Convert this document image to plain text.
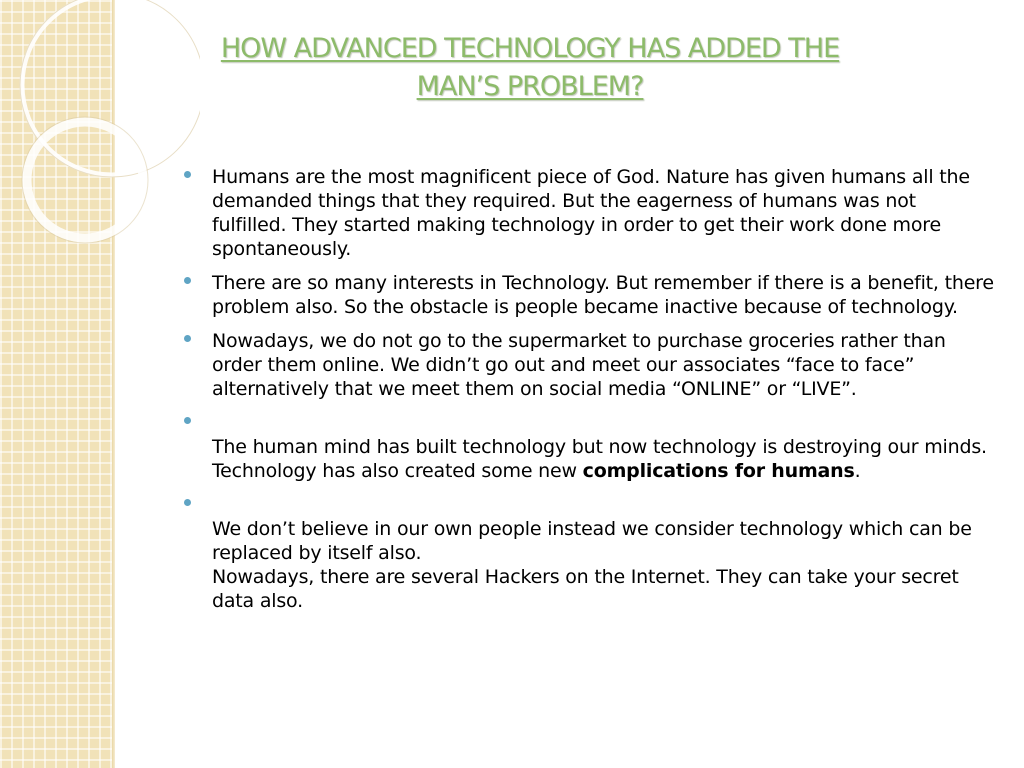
HOW ADVANCED TECHNOLOGY HAS ADDED THE
MAN’S PROBLEM?
Humans are the most magnificent piece of God. Nature has given humans all the demanded things that they required. But the eagerness of humans was not fulfilled. They started making technology in order to get their work done more spontaneously.
There are so many interests in Technology. But remember if there is a benefit, there problem also. So the obstacle is people became inactive because of technology.
Nowadays, we do not go to the supermarket to purchase groceries rather than order them online. We didn’t go out and meet our associates “face to face” alternatively that we meet them on social media “ONLINE” or “LIVE”.
The human mind has built technology but now technology is destroying our minds. Technology has also created some new complications for humans.
We don’t believe in our own people instead we consider technology which can be replaced by itself also.
Nowadays, there are several Hackers on the Internet. They can take your secret data also.
